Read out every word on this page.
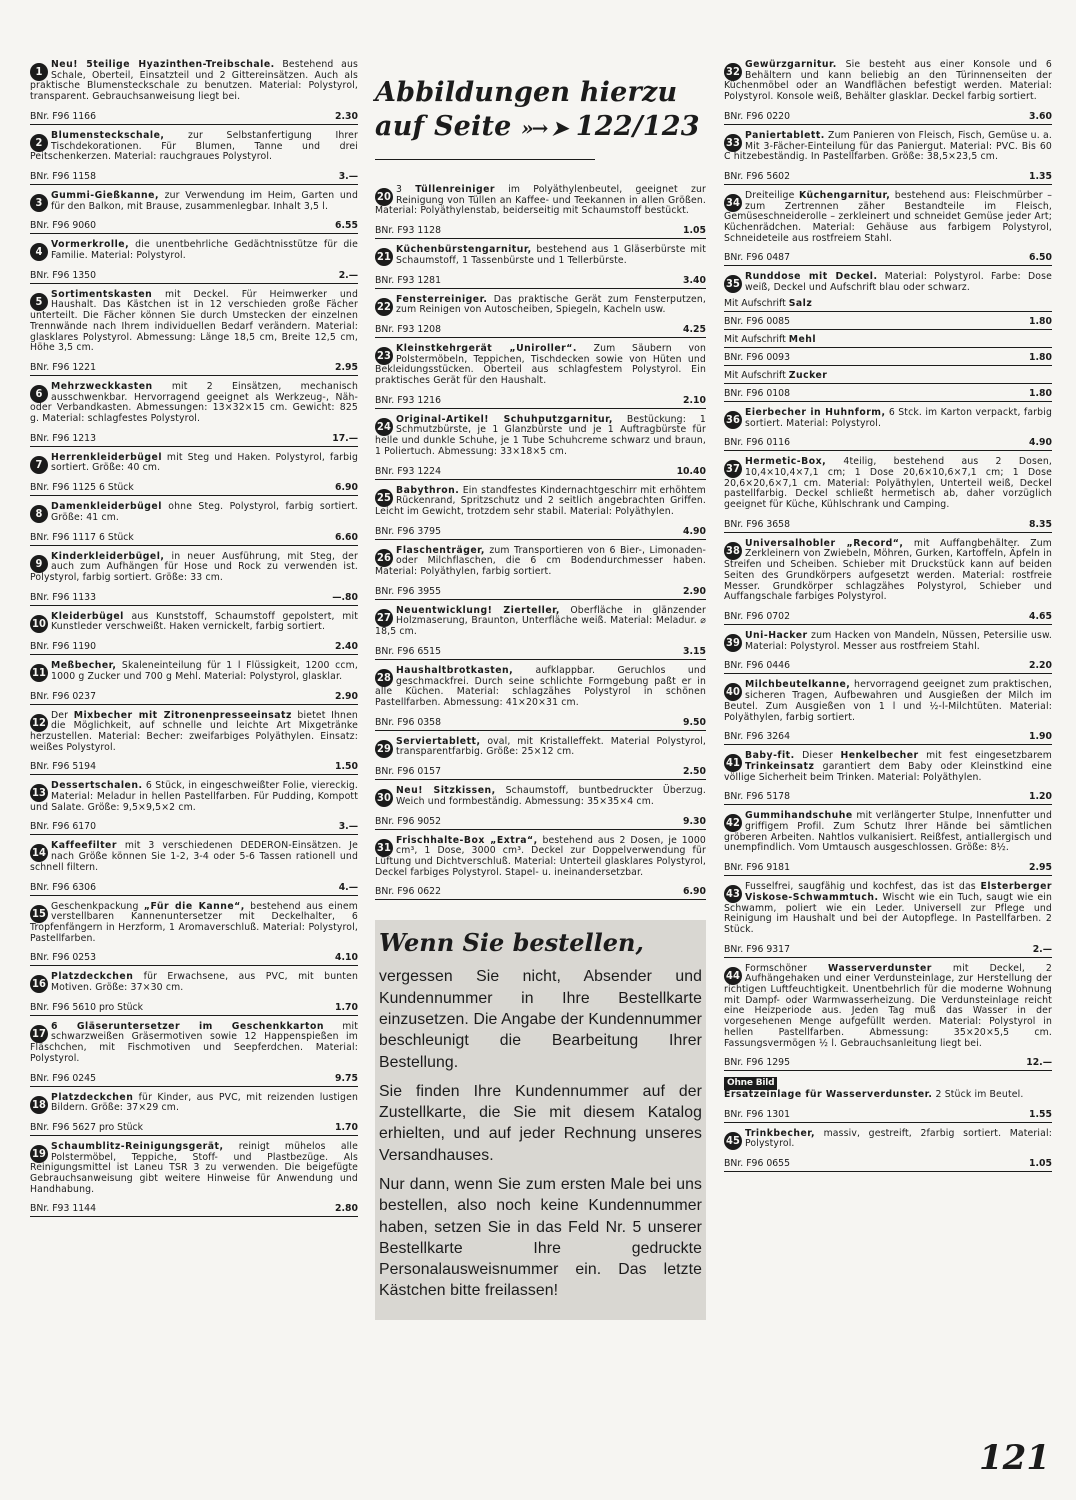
1
Neu! 5teilige Hyazinthen-Treibschale. Bestehend aus Schale, Oberteil, Einsatzteil und 2 Gittereinsätzen. Auch als praktische Blumensteckschale zu benutzen. Material: Polystyrol, transparent. Gebrauchsanweisung liegt bei.
BNr. F96 1166	2.30
2
Blumensteckschale, zur Selbstanfertigung Ihrer Tischdekorationen. Für Blumen, Tanne und drei Peitschenkerzen. Material: rauchgraues Polystyrol.
BNr. F96 1158	3.—
3
Gummi-Gießkanne, zur Verwendung im Heim, Garten und für den Balkon, mit Brause, zusammenlegbar. Inhalt 3,5 l.
BNr. F96 9060	6.55
4
Vormerkrolle, die unentbehrliche Gedächtnisstütze für die Familie. Material: Polystyrol.
BNr. F96 1350	2.—
5
Sortimentskasten mit Deckel. Für Heimwerker und Haushalt. Das Kästchen ist in 12 verschieden große Fächer unterteilt. Die Fächer können Sie durch Umstecken der einzelnen Trennwände nach Ihrem individuellen Bedarf verändern. Material: glasklares Polystyrol. Abmessung: Länge 18,5 cm, Breite 12,5 cm, Höhe 3,5 cm.
BNr. F96 1221	2.95
6
Mehrzweckkasten mit 2 Einsätzen, mechanisch ausschwenkbar. Hervorragend geeignet als Werkzeug-, Näh- oder Verbandkasten. Abmessungen: 13×32×15 cm. Gewicht: 825 g. Material: schlagfestes Polystyrol.
BNr. F96 1213	17.—
7
Herrenkleiderbügel mit Steg und Haken. Polystyrol, farbig sortiert. Größe: 40 cm.
BNr. F96 1125 6 Stück	6.90
8
Damenkleiderbügel ohne Steg. Polystyrol, farbig sortiert. Größe: 41 cm.
BNr. F96 1117 6 Stück	6.60
9
Kinderkleiderbügel, in neuer Ausführung, mit Steg, der auch zum Aufhängen für Hose und Rock zu verwenden ist. Polystyrol, farbig sortiert. Größe: 33 cm.
BNr. F96 1133	—.80
10
Kleiderbügel aus Kunststoff, Schaumstoff gepolstert, mit Kunstleder verschweißt. Haken vernickelt, farbig sortiert.
BNr. F96 1190	2.40
11
Meßbecher, Skaleneinteilung für 1 l Flüssigkeit, 1200 ccm, 1000 g Zucker und 700 g Mehl. Material: Polystyrol, glasklar.
BNr. F96 0237	2.90
12
Der Mixbecher mit Zitronenpresseeinsatz bietet Ihnen die Möglichkeit, auf schnelle und leichte Art Mixgetränke herzustellen. Material: Becher: zweifarbiges Polyäthylen. Einsatz: weißes Polystyrol.
BNr. F96 5194	1.50
13
Dessertschalen. 6 Stück, in eingeschweißter Folie, viereckig. Material: Meladur in hellen Pastellfarben. Für Pudding, Kompott und Salate. Größe: 9,5×9,5×2 cm.
BNr. F96 6170	3.—
14
Kaffeefilter mit 3 verschiedenen DEDERON-Einsätzen. Je nach Größe können Sie 1-2, 3-4 oder 5-6 Tassen rationell und schnell filtern.
BNr. F96 6306	4.—
15
Geschenkpackung „Für die Kanne“, bestehend aus einem verstellbaren Kannenuntersetzer mit Deckelhalter, 6 Tropfenfängern in Herzform, 1 Aromaverschluß. Material: Polystyrol, Pastellfarben.
BNr. F96 0253	4.10
16
Platzdeckchen für Erwachsene, aus PVC, mit bunten Motiven. Größe: 37×30 cm.
BNr. F96 5610 pro Stück	1.70
17
6 Gläseruntersetzer im Geschenkkarton mit schwarzweißen Gräsermotiven sowie 12 Happenspießen im Fläschchen, mit Fischmotiven und Seepferdchen. Material: Polystyrol.
BNr. F96 0245	9.75
18
Platzdeckchen für Kinder, aus PVC, mit reizenden lustigen Bildern. Größe: 37×29 cm.
BNr. F96 5627 pro Stück	1.70
19
Schaumblitz-Reinigungsgerät, reinigt mühelos alle Polstermöbel, Teppiche, Stoff- und Plastbezüge. Als Reinigungsmittel ist Laneu TSR 3 zu verwenden. Die beigefügte Gebrauchsanweisung gibt weitere Hinweise für Anwendung und Handhabung.
BNr. F93 1144	2.80
Abbildungen hierzu
auf Seite »→ ➤ 122/123
20
3 Tüllenreiniger im Polyäthylenbeutel, geeignet zur Reinigung von Tüllen an Kaffee- und Teekannen in allen Größen. Material: Polyäthylenstab, beiderseitig mit Schaumstoff bestückt.
BNr. F93 1128	1.05
21
Küchenbürstengarnitur, bestehend aus 1 Gläserbürste mit Schaumstoff, 1 Tassenbürste und 1 Tellerbürste.
BNr. F93 1281	3.40
22
Fensterreiniger. Das praktische Gerät zum Fensterputzen, zum Reinigen von Autoscheiben, Spiegeln, Kacheln usw.
BNr. F93 1208	4.25
23
Kleinstkehrgerät „Uniroller“. Zum Säubern von Polstermöbeln, Teppichen, Tischdecken sowie von Hüten und Bekleidungsstücken. Oberteil aus schlagfestem Polystyrol. Ein praktisches Gerät für den Haushalt.
BNr. F93 1216	2.10
24
Original-Artikel! Schuhputzgarnitur, Bestückung: 1 Schmutzbürste, je 1 Glanzbürste und je 1 Auftragbürste für helle und dunkle Schuhe, je 1 Tube Schuhcreme schwarz und braun, 1 Poliertuch. Abmessung: 33×18×5 cm.
BNr. F93 1224	10.40
25
Babythron. Ein standfestes Kindernachtgeschirr mit erhöhtem Rückenrand, Spritzschutz und 2 seitlich angebrachten Griffen. Leicht im Gewicht, trotzdem sehr stabil. Material: Polyäthylen.
BNr. F96 3795	4.90
26
Flaschenträger, zum Transportieren von 6 Bier-, Limonaden- oder Milchflaschen, die 6 cm Bodendurchmesser haben. Material: Polyäthylen, farbig sortiert.
BNr. F96 3955	2.90
27
Neuentwicklung! Zierteller, Oberfläche in glänzender Holzmaserung, Braunton, Unterfläche weiß. Material: Meladur. ⌀ 18,5 cm.
BNr. F96 6515	3.15
28
Haushaltbrotkasten, aufklappbar. Geruchlos und geschmackfrei. Durch seine schlichte Formgebung paßt er in alle Küchen. Material: schlagzähes Polystyrol in schönen Pastellfarben. Abmessung: 41×20×31 cm.
BNr. F96 0358	9.50
29
Serviertablett, oval, mit Kristalleffekt. Material Polystyrol, transparentfarbig. Größe: 25×12 cm.
BNr. F96 0157	2.50
30
Neu! Sitzkissen, Schaumstoff, buntbedruckter Überzug. Weich und formbeständig. Abmessung: 35×35×4 cm.
BNr. F96 9052	9.30
31
Frischhalte-Box „Extra“, bestehend aus 2 Dosen, je 1000 cm³, 1 Dose, 3000 cm³. Deckel zur Doppelverwendung für Lüftung und Dichtverschluß. Material: Unterteil glasklares Polystyrol, Deckel farbiges Polystyrol. Stapel- u. ineinandersetzbar.
BNr. F96 0622	6.90
Wenn Sie bestellen,

vergessen Sie nicht, Absender und Kundennummer in Ihre Bestellkarte einzusetzen. Die Angabe der Kundennummer beschleunigt die Bearbeitung Ihrer Bestellung.

Sie finden Ihre Kundennummer auf der Zustellkarte, die Sie mit diesem Katalog erhielten, und auf jeder Rechnung unseres Versandhauses.

Nur dann, wenn Sie zum ersten Male bei uns bestellen, also noch keine Kundennummer haben, setzen Sie in das Feld Nr. 5 unserer Bestellkarte Ihre gedruckte Personalausweisnummer ein. Das letzte Kästchen bitte freilassen!

32
Gewürzgarnitur. Sie besteht aus einer Konsole und 6 Behältern und kann beliebig an den Türinnenseiten der Küchenmöbel oder an Wandflächen befestigt werden. Material: Polystyrol. Konsole weiß, Behälter glasklar. Deckel farbig sortiert.
BNr. F96 0220	3.60
33
Paniertablett. Zum Panieren von Fleisch, Fisch, Gemüse u. a. Mit 3-Fächer-Einteilung für das Paniergut. Material: PVC. Bis 60 C hitzebeständig. In Pastellfarben. Größe: 38,5×23,5 cm.
BNr. F96 5602	1.35
34
Dreiteilige Küchengarnitur, bestehend aus: Fleischmürber – zum Zertrennen zäher Bestandteile im Fleisch, Gemüseschneiderolle – zerkleinert und schneidet Gemüse jeder Art; Küchenrädchen. Material: Gehäuse aus farbigem Polystyrol, Schneideteile aus rostfreiem Stahl.
BNr. F96 0487	6.50
35
Runddose mit Deckel. Material: Polystyrol. Farbe: Dose weiß, Deckel und Aufschrift blau oder schwarz.
Mit Aufschrift Salz
BNr. F96 0085	1.80
Mit Aufschrift Mehl
BNr. F96 0093	1.80
Mit Aufschrift Zucker
BNr. F96 0108	1.80
36
Eierbecher in Huhnform, 6 Stck. im Karton verpackt, farbig sortiert. Material: Polystyrol.
BNr. F96 0116	4.90
37
Hermetic-Box, 4teilig, bestehend aus 2 Dosen, 10,4×10,4×7,1 cm; 1 Dose 20,6×10,6×7,1 cm; 1 Dose 20,6×20,6×7,1 cm. Material: Polyäthylen, Unterteil weiß, Deckel pastellfarbig. Deckel schließt hermetisch ab, daher vorzüglich geeignet für Küche, Kühlschrank und Camping.
BNr. F96 3658	8.35
38
Universalhobler „Record“, mit Auffangbehälter. Zum Zerkleinern von Zwiebeln, Möhren, Gurken, Kartoffeln, Äpfeln in Streifen und Scheiben. Schieber mit Druckstück kann auf beiden Seiten des Grundkörpers aufgesetzt werden. Material: rostfreie Messer. Grundkörper schlagzähes Polystyrol, Schieber und Auffangschale farbiges Polystyrol.
BNr. F96 0702	4.65
39
Uni-Hacker zum Hacken von Mandeln, Nüssen, Petersilie usw. Material: Polystyrol. Messer aus rostfreiem Stahl.
BNr. F96 0446	2.20
40
Milchbeutelkanne, hervorragend geeignet zum praktischen, sicheren Tragen, Aufbewahren und Ausgießen der Milch im Beutel. Zum Ausgießen von 1 l und ½-l-Milchtüten. Material: Polyäthylen, farbig sortiert.
BNr. F96 3264	1.90
41
Baby-fit. Dieser Henkelbecher mit fest eingesetzbarem Trinkeinsatz garantiert dem Baby oder Kleinstkind eine völlige Sicherheit beim Trinken. Material: Polyäthylen.
BNr. F96 5178	1.20
42
Gummihandschuhe mit verlängerter Stulpe, Innenfutter und griffigem Profil. Zum Schutz Ihrer Hände bei sämtlichen gröberen Arbeiten. Nahtlos vulkanisiert. Reißfest, antiallergisch und unempfindlich. Vom Umtausch ausgeschlossen. Größe: 8½.
BNr. F96 9181	2.95
43
Fusselfrei, saugfähig und kochfest, das ist das Elsterberger Viskose-Schwammtuch. Wischt wie ein Tuch, saugt wie ein Schwamm, poliert wie ein Leder. Universell zur Pflege und Reinigung im Haushalt und bei der Autopflege. In Pastellfarben. 2 Stück.
BNr. F96 9317	2.—
44
Formschöner Wasserverdunster mit Deckel, 2 Aufhängehaken und einer Verdunsteinlage, zur Herstellung der richtigen Luftfeuchtigkeit. Unentbehrlich für die moderne Wohnung mit Dampf- oder Warmwasserheizung. Die Verdunsteinlage reicht eine Heizperiode aus. Jeden Tag muß das Wasser in der vorgesehenen Menge aufgefüllt werden. Material: Polystyrol in hellen Pastellfarben. Abmessung: 35×20×5,5 cm. Fassungsvermögen ½ l. Gebrauchsanleitung liegt bei.
BNr. F96 1295	12.—
Ohne Bild
Ersatzeinlage für Wasserverdunster. 2 Stück im Beutel.
BNr. F96 1301	1.55
45
Trinkbecher, massiv, gestreift, 2farbig sortiert. Material: Polystyrol.
BNr. F96 0655	1.05
121
